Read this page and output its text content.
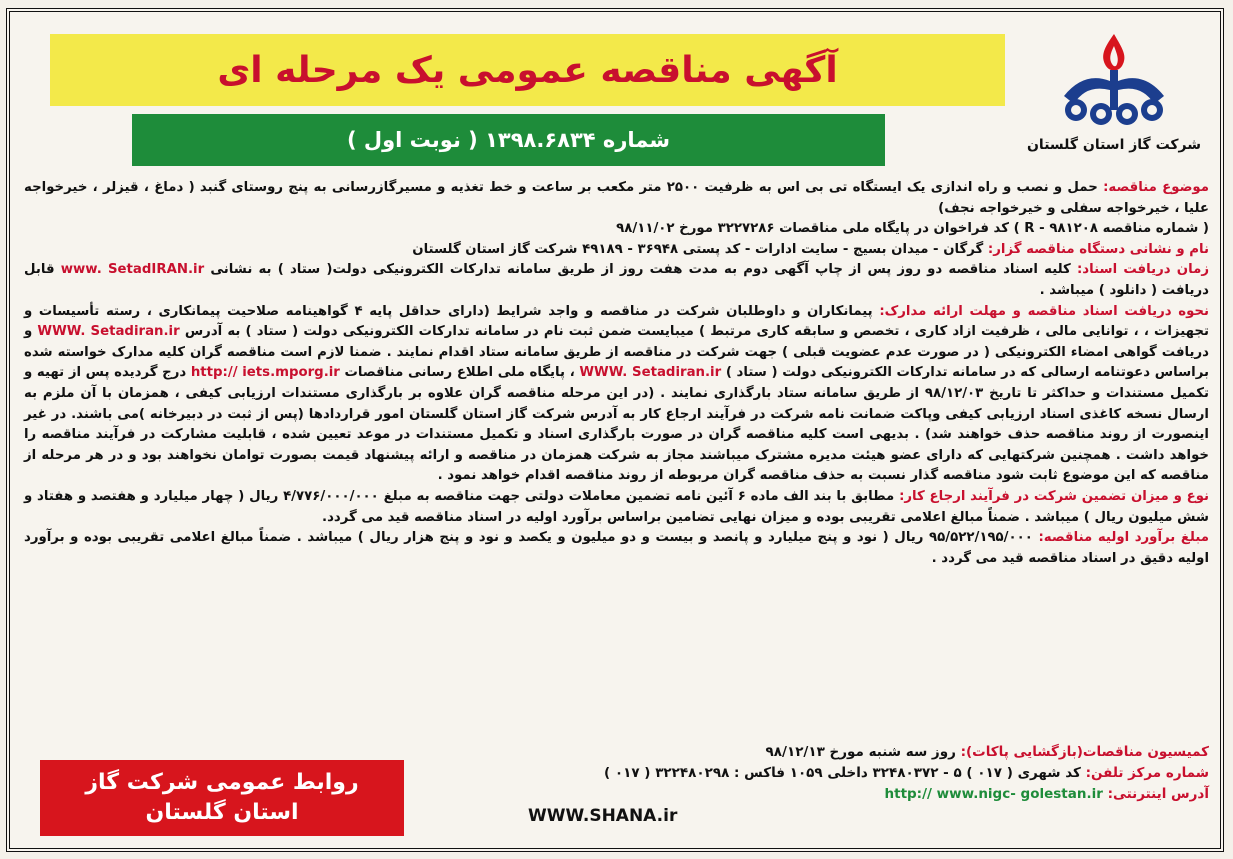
آگهی مناقصه عمومی یک مرحله ای
شماره ۱۳۹۸.۶۸۳۴ ( نوبت اول )	شرکت گاز استان گلستان

موضوع مناقصه: حمل و نصب و راه اندازی یک ایستگاه تی بی اس به ظرفیت ۲۵۰۰ متر مکعب بر ساعت و خط تغذیه و مسیرگازرسانی به پنج روستای گنبد ( دماغ ، قیزلر ، خیرخواجه علیا ، خیرخواجه سفلی و خیرخواجه نجف)

( شماره مناقصه R - ۹۸۱۲۰۸ ) کد فراخوان در پایگاه ملی مناقصات ۳۲۲۷۲۸۶ مورخ ۹۸/۱۱/۰۲

نام و نشانی دستگاه مناقصه گزار: گرگان - میدان بسیج - سایت ادارات - کد پستی ۳۶۹۴۸ - ۴۹۱۸۹ شرکت گاز استان گلستان

زمان دریافت اسناد: کلیه اسناد مناقصه دو روز پس از چاپ آگهی دوم به مدت هفت روز از طریق سامانه تدارکات الکترونیکی دولت( ستاد ) به نشانی www. SetadIRAN.ir قابل دریافت ( دانلود ) میباشد .

نحوه دریافت اسناد مناقصه و مهلت ارائه مدارک: پیمانکاران و داوطلبان شرکت در مناقصه و واجد شرایط (دارای حداقل پایه ۴ گواهینامه صلاحیت پیمانکاری ، رسته تأسیسات و تجهیزات ، ، توانایی مالی ، ظرفیت ازاد کاری ، تخصص و سابقه کاری مرتبط ) میبایست ضمن ثبت نام در سامانه تدارکات الکترونیکی دولت ( ستاد ) به آدرس WWW. Setadiran.ir و دریافت گواهی امضاء الکترونیکی ( در صورت عدم عضویت قبلی ) جهت شرکت در مناقصه از طریق سامانه ستاد اقدام نمایند . ضمنا لازم است مناقصه گران کلیه مدارک خواسته شده براساس دعوتنامه ارسالی که در سامانه تدارکات الکترونیکی دولت ( ستاد ) WWW. Setadiran.ir ، پایگاه ملی اطلاع رسانی مناقصات http:// iets.mporg.ir درج گردیده پس از تهیه و تکمیل مستندات و حداکثر تا تاریخ ۹۸/۱۲/۰۳ از طریق سامانه ستاد بارگذاری نمایند . (در این مرحله مناقصه گران علاوه بر بارگذاری مستندات ارزیابی کیفی ، همزمان با آن ملزم به ارسال نسخه کاغذی اسناد ارزیابی کیفی وپاکت ضمانت نامه شرکت در فرآیند ارجاع کار به آدرس شرکت گاز استان گلستان امور قراردادها (پس از ثبت در دبیرخانه )می باشند. در غیر اینصورت از روند مناقصه حذف خواهند شد) . بدیهی است کلیه مناقصه گران در صورت بارگذاری اسناد و تکمیل مستندات در موعد تعیین شده ، قابلیت مشارکت در فرآیند مناقصه را خواهد داشت . همچنین شرکتهایی که دارای عضو هیئت مدیره مشترک میباشند مجاز به شرکت همزمان در مناقصه و ارائه پیشنهاد قیمت بصورت توامان نخواهند بود و در هر مرحله از مناقصه که این موضوع ثابت شود مناقصه گذار نسبت به حذف مناقصه گران مربوطه از روند مناقصه اقدام خواهد نمود .

نوع و میزان تضمین شرکت در فرآیند ارجاع کار: مطابق با بند الف ماده ۶ آئین نامه تضمین معاملات دولتی جهت مناقصه به مبلغ ۴/۷۷۶/۰۰۰/۰۰۰ ریال ( چهار میلیارد و هفتصد و هفتاد و شش میلیون ریال ) میباشد . ضمناً مبالغ اعلامی تقریبی بوده و میزان نهایی تضامین براساس برآورد اولیه در اسناد مناقصه قید می گردد.

مبلغ برآورد اولیه مناقصه: ۹۵/۵۲۲/۱۹۵/۰۰۰ ریال ( نود و پنج میلیارد و پانصد و بیست و دو میلیون و یکصد و نود و پنج هزار ریال ) میباشد . ضمناً مبالغ اعلامی تقریبی بوده و برآورد اولیه دقیق در اسناد مناقصه قید می گردد .

کمیسیون مناقصات(بازگشایی پاکات): روز سه شنبه مورخ ۹۸/۱۲/۱۳

شماره مرکز تلفن: کد شهری ( ۰۱۷ ) ۵ - ۳۲۴۸۰۳۷۲ داخلی ۱۰۵۹ فاکس : ۳۲۲۴۸۰۲۹۸ ( ۰۱۷ )

آدرس اینترنتی: http:// www.nigc- golestan.ir

روابط عمومی شرکت گاز
استان گلستان	WWW.SHANA.ir
